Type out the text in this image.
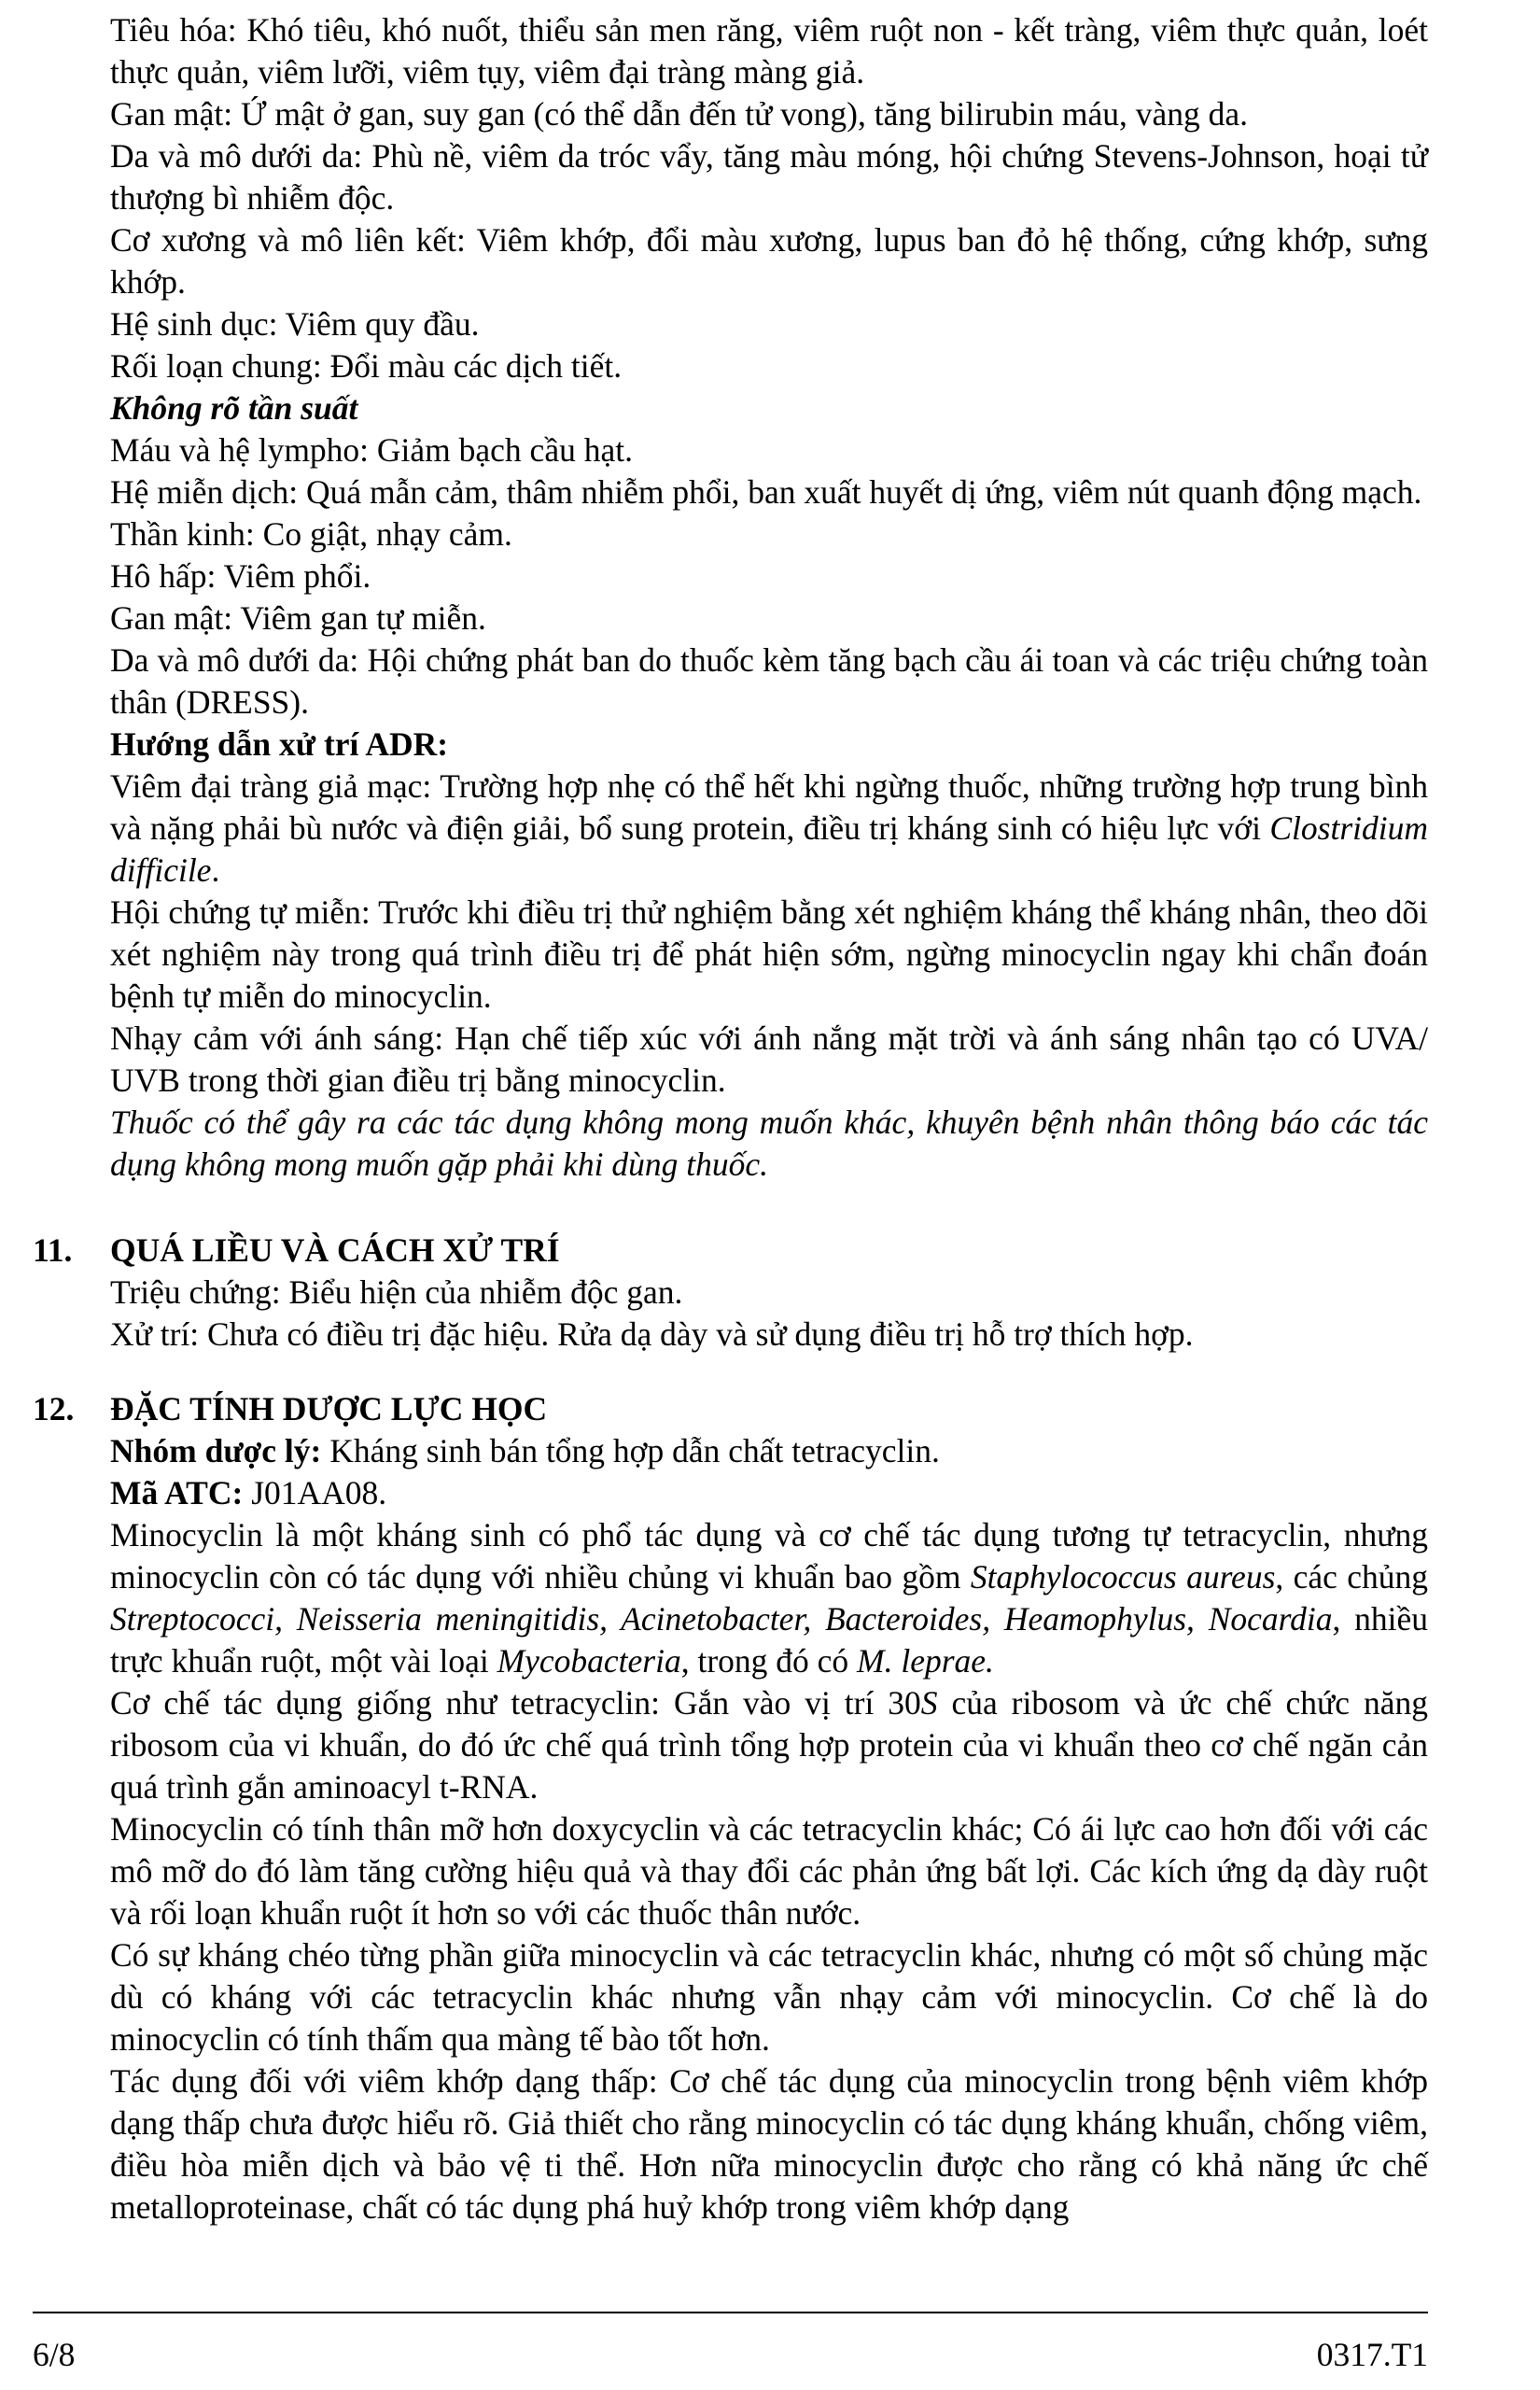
Tiêu hóa: Khó tiêu, khó nuốt, thiểu sản men răng, viêm ruột non - kết tràng, viêm thực quản, loét thực quản, viêm lưỡi, viêm tụy, viêm đại tràng màng giả.

Gan mật: Ứ mật ở gan, suy gan (có thể dẫn đến tử vong), tăng bilirubin máu, vàng da.

Da và mô dưới da: Phù nề, viêm da tróc vẩy, tăng màu móng, hội chứng Stevens-Johnson, hoại tử thượng bì nhiễm độc.

Cơ xương và mô liên kết: Viêm khớp, đổi màu xương, lupus ban đỏ hệ thống, cứng khớp, sưng khớp.

Hệ sinh dục: Viêm quy đầu.

Rối loạn chung: Đổi màu các dịch tiết.

Không rõ tần suất

Máu và hệ lympho: Giảm bạch cầu hạt.

Hệ miễn dịch: Quá mẫn cảm, thâm nhiễm phổi, ban xuất huyết dị ứng, viêm nút quanh động mạch.

Thần kinh: Co giật, nhạy cảm.

Hô hấp: Viêm phổi.

Gan mật: Viêm gan tự miễn.

Da và mô dưới da: Hội chứng phát ban do thuốc kèm tăng bạch cầu ái toan và các triệu chứng toàn thân (DRESS).

Hướng dẫn xử trí ADR:

Viêm đại tràng giả mạc: Trường hợp nhẹ có thể hết khi ngừng thuốc, những trường hợp trung bình và nặng phải bù nước và điện giải, bổ sung protein, điều trị kháng sinh có hiệu lực với Clostridium difficile.

Hội chứng tự miễn: Trước khi điều trị thử nghiệm bằng xét nghiệm kháng thể kháng nhân, theo dõi xét nghiệm này trong quá trình điều trị để phát hiện sớm, ngừng minocyclin ngay khi chẩn đoán bệnh tự miễn do minocyclin.

Nhạy cảm với ánh sáng: Hạn chế tiếp xúc với ánh nắng mặt trời và ánh sáng nhân tạo có UVA/ UVB trong thời gian điều trị bằng minocyclin.

Thuốc có thể gây ra các tác dụng không mong muốn khác, khuyên bệnh nhân thông báo các tác dụng không mong muốn gặp phải khi dùng thuốc.

11. QUÁ LIỀU VÀ CÁCH XỬ TRÍ

Triệu chứng: Biểu hiện của nhiễm độc gan.

Xử trí: Chưa có điều trị đặc hiệu. Rửa dạ dày và sử dụng điều trị hỗ trợ thích hợp.

12. ĐẶC TÍNH DƯỢC LỰC HỌC

Nhóm dược lý: Kháng sinh bán tổng hợp dẫn chất tetracyclin.

Mã ATC: J01AA08.

Minocyclin là một kháng sinh có phổ tác dụng và cơ chế tác dụng tương tự tetracyclin, nhưng minocyclin còn có tác dụng với nhiều chủng vi khuẩn bao gồm Staphylococcus aureus, các chủng Streptococci, Neisseria meningitidis, Acinetobacter, Bacteroides, Heamophylus, Nocardia, nhiều trực khuẩn ruột, một vài loại Mycobacteria, trong đó có M. leprae.

Cơ chế tác dụng giống như tetracyclin: Gắn vào vị trí 30S của ribosom và ức chế chức năng ribosom của vi khuẩn, do đó ức chế quá trình tổng hợp protein của vi khuẩn theo cơ chế ngăn cản quá trình gắn aminoacyl t-RNA.

Minocyclin có tính thân mỡ hơn doxycyclin và các tetracyclin khác; Có ái lực cao hơn đối với các mô mỡ do đó làm tăng cường hiệu quả và thay đổi các phản ứng bất lợi. Các kích ứng dạ dày ruột và rối loạn khuẩn ruột ít hơn so với các thuốc thân nước.

Có sự kháng chéo từng phần giữa minocyclin và các tetracyclin khác, nhưng có một số chủng mặc dù có kháng với các tetracyclin khác nhưng vẫn nhạy cảm với minocyclin. Cơ chế là do minocyclin có tính thấm qua màng tế bào tốt hơn.

Tác dụng đối với viêm khớp dạng thấp: Cơ chế tác dụng của minocyclin trong bệnh viêm khớp dạng thấp chưa được hiểu rõ. Giả thiết cho rằng minocyclin có tác dụng kháng khuẩn, chống viêm, điều hòa miễn dịch và bảo vệ ti thể. Hơn nữa minocyclin được cho rằng có khả năng ức chế metalloproteinase, chất có tác dụng phá huỷ khớp trong viêm khớp dạng

6/8	0317.T1
